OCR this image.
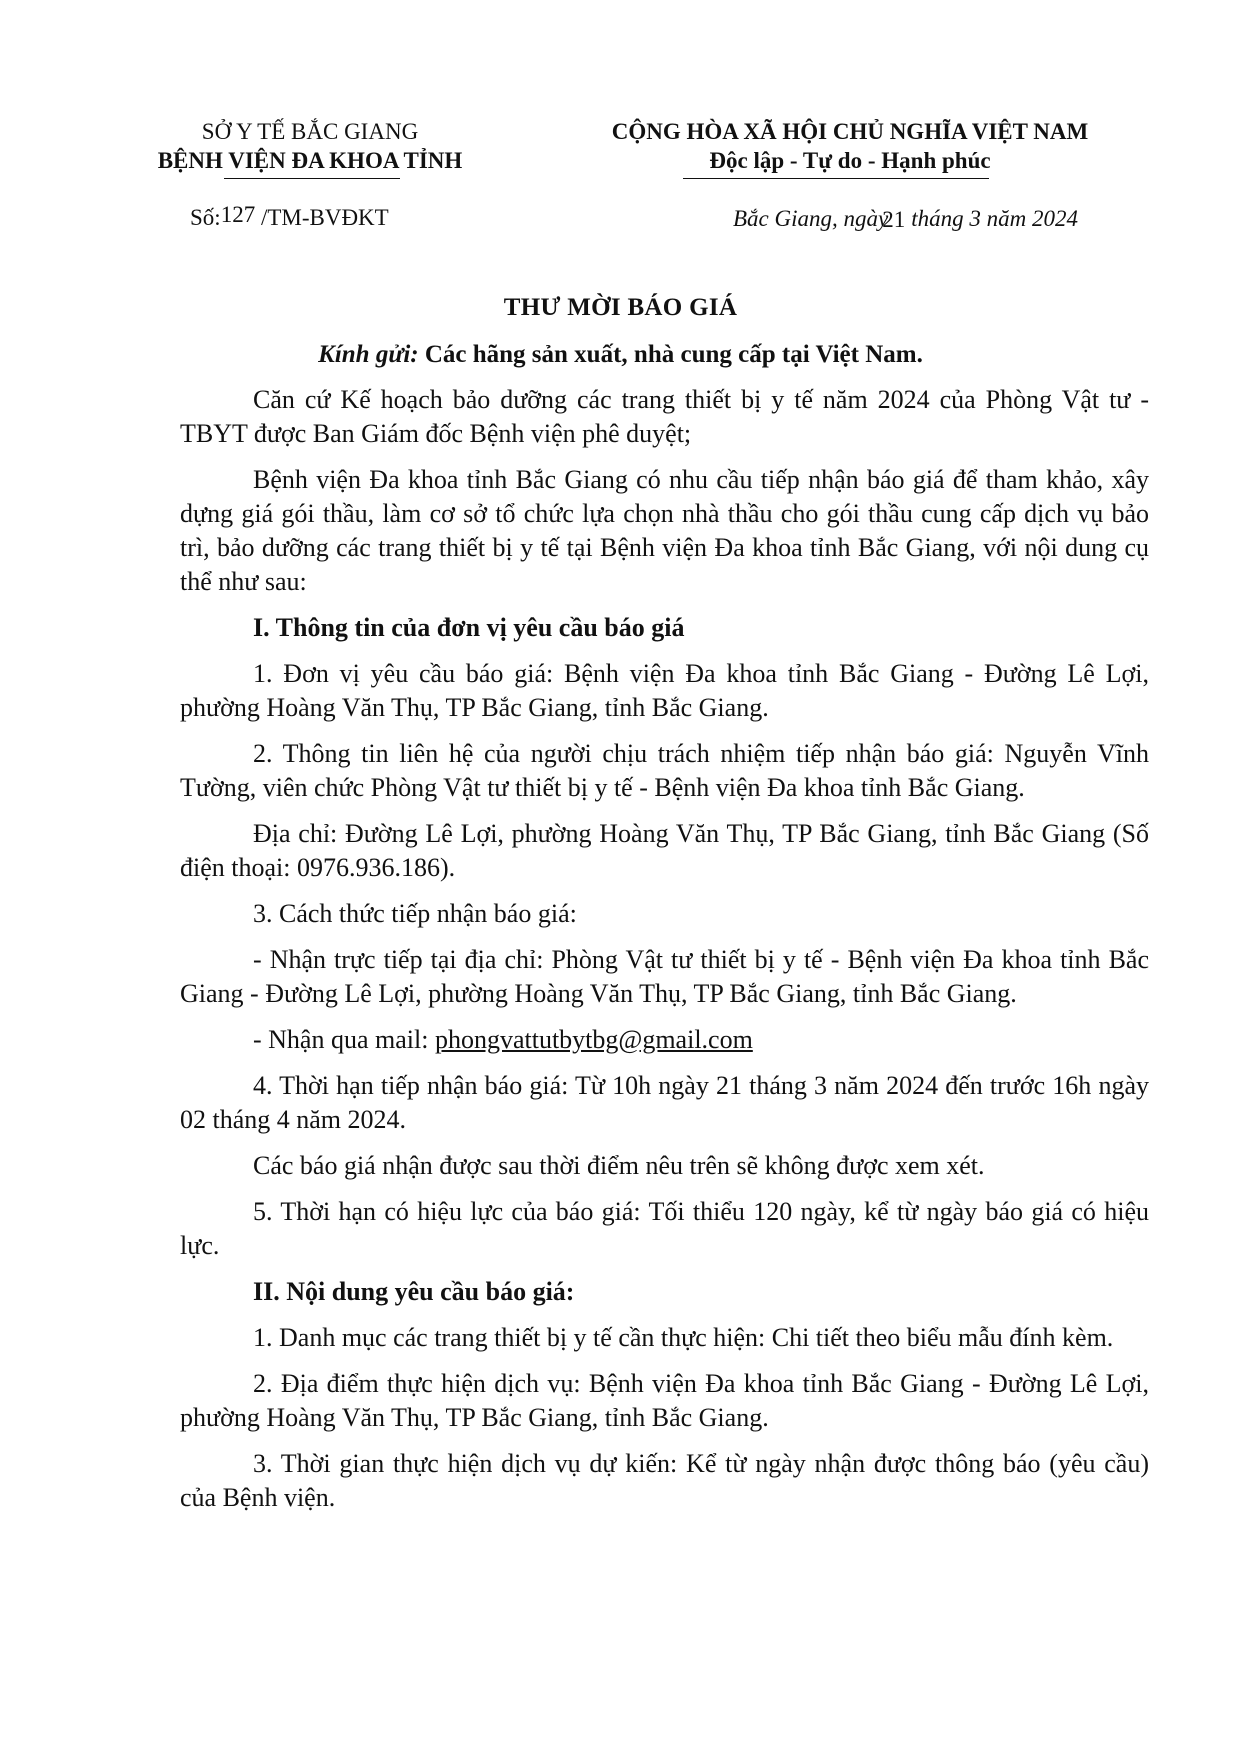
SỞ Y TẾ BẮC GIANG
BỆNH VIỆN ĐA KHOA TỈNH
CỘNG HÒA XÃ HỘI CHỦ NGHĨA VIỆT NAM
Độc lập - Tự do - Hạnh phúc
Số:127 /TM-BVĐKT	Bắc Giang, ngày21 tháng 3 năm 2024
THƯ MỜI BÁO GIÁ
Kính gửi: Các hãng sản xuất, nhà cung cấp tại Việt Nam.

Căn cứ Kế hoạch bảo dưỡng các trang thiết bị y tế năm 2024 của Phòng Vật tư - TBYT được Ban Giám đốc Bệnh viện phê duyệt;

Bệnh viện Đa khoa tỉnh Bắc Giang có nhu cầu tiếp nhận báo giá để tham khảo, xây dựng giá gói thầu, làm cơ sở tổ chức lựa chọn nhà thầu cho gói thầu cung cấp dịch vụ bảo trì, bảo dưỡng các trang thiết bị y tế tại Bệnh viện Đa khoa tỉnh Bắc Giang, với nội dung cụ thể như sau:

I. Thông tin của đơn vị yêu cầu báo giá

1. Đơn vị yêu cầu báo giá: Bệnh viện Đa khoa tỉnh Bắc Giang - Đường Lê Lợi, phường Hoàng Văn Thụ, TP Bắc Giang, tỉnh Bắc Giang.

2. Thông tin liên hệ của người chịu trách nhiệm tiếp nhận báo giá: Nguyễn Vĩnh Tường, viên chức Phòng Vật tư thiết bị y tế - Bệnh viện Đa khoa tỉnh Bắc Giang.

Địa chỉ: Đường Lê Lợi, phường Hoàng Văn Thụ, TP Bắc Giang, tỉnh Bắc Giang (Số điện thoại: 0976.936.186).

3. Cách thức tiếp nhận báo giá:

- Nhận trực tiếp tại địa chỉ: Phòng Vật tư thiết bị y tế - Bệnh viện Đa khoa tỉnh Bắc Giang - Đường Lê Lợi, phường Hoàng Văn Thụ, TP Bắc Giang, tỉnh Bắc Giang.

- Nhận qua mail: phongvattutbytbg@gmail.com

4. Thời hạn tiếp nhận báo giá: Từ 10h ngày 21 tháng 3 năm 2024 đến trước 16h ngày 02 tháng 4 năm 2024.

Các báo giá nhận được sau thời điểm nêu trên sẽ không được xem xét.

5. Thời hạn có hiệu lực của báo giá: Tối thiểu 120 ngày, kể từ ngày báo giá có hiệu lực.

II. Nội dung yêu cầu báo giá:

1. Danh mục các trang thiết bị y tế cần thực hiện: Chi tiết theo biểu mẫu đính kèm.

2. Địa điểm thực hiện dịch vụ: Bệnh viện Đa khoa tỉnh Bắc Giang - Đường Lê Lợi, phường Hoàng Văn Thụ, TP Bắc Giang, tỉnh Bắc Giang.

3. Thời gian thực hiện dịch vụ dự kiến: Kể từ ngày nhận được thông báo (yêu cầu) của Bệnh viện.
